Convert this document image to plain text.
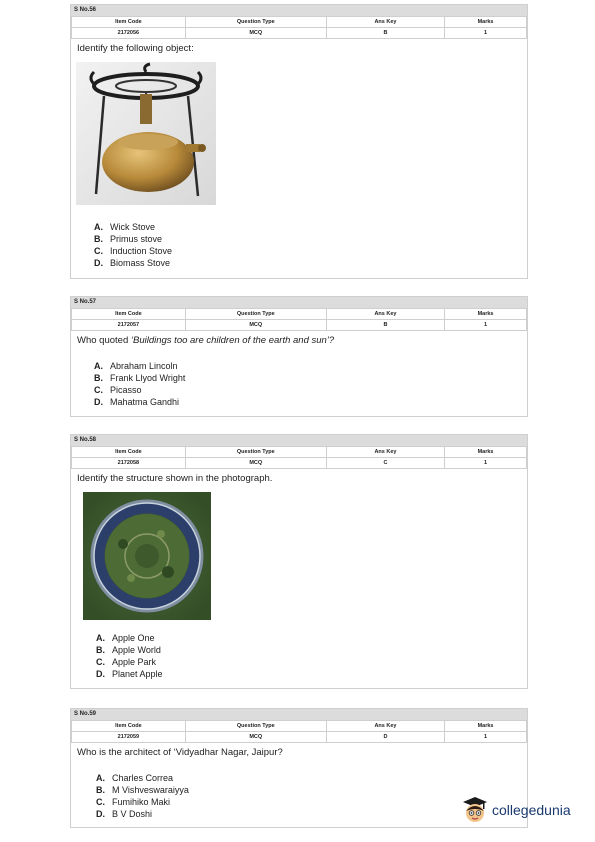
S No.56
Item Code	Question Type	Ans Key	Marks
2172056	MCQ	B	1

Identify the following object:

A. Wick Stove
B. Primus stove
C. Induction Stove
D. Biomass Stove
S No.57
Item Code	Question Type	Ans Key	Marks
2172057	MCQ	B	1

Who quoted ‘Buildings too are children of the earth and sun’?

A. Abraham Lincoln
B. Frank Llyod Wright
C. Picasso
D. Mahatma Gandhi
S No.58
Item Code	Question Type	Ans Key	Marks
2172058	MCQ	C	1

Identify the structure shown in the photograph.

A. Apple One
B. Apple World
C. Apple Park
D. Planet Apple
S No.59
Item Code	Question Type	Ans Key	Marks
2172059	MCQ	D	1

Who is the architect of ‘Vidyadhar Nagar, Jaipur?

A. Charles Correa
B. M Vishveswaraiyya
C. Fumihiko Maki
D. B V Doshi	collegedunia
